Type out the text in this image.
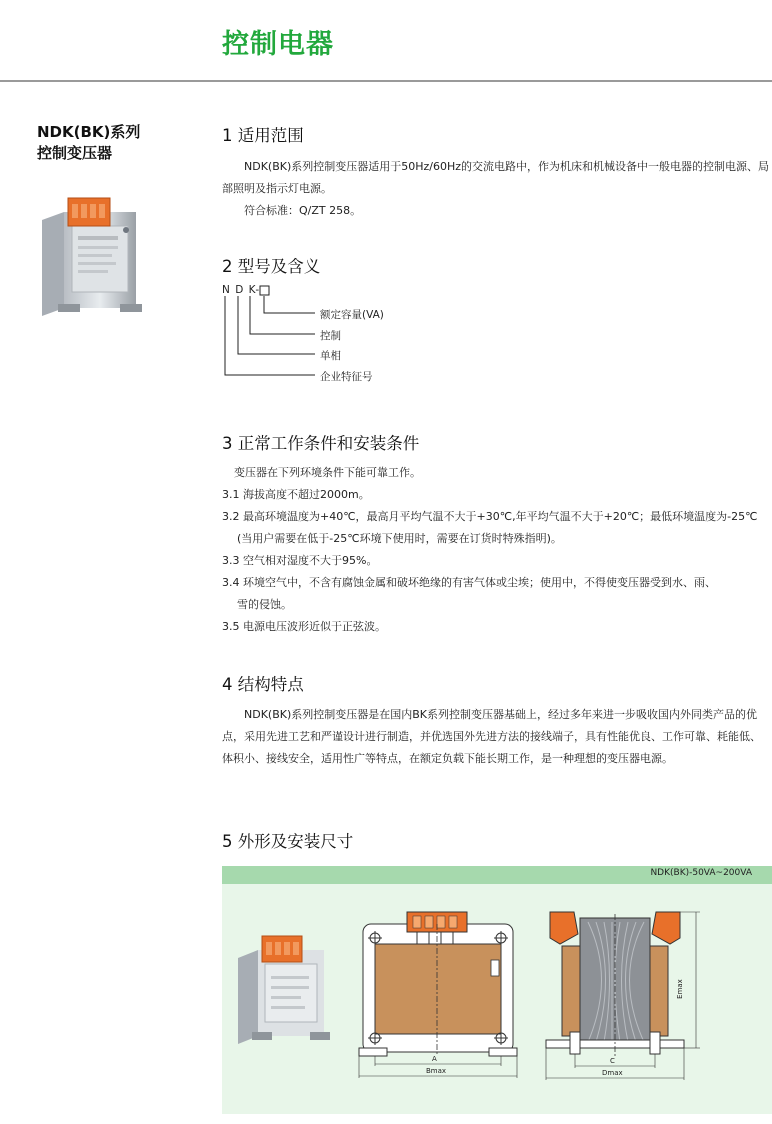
控制电器
NDK(BK)系列
控制变压器
1 适用范围
NDK(BK)系列控制变压器适用于50Hz/60Hz的交流电路中，作为机床和机械设备中一般电器的控制电源、局部照明及指示灯电源。
符合标准：Q/ZT 258。
2 型号及含义
N D K-
额定容量(VA)
控制
单相
企业特征号
3 正常工作条件和安装条件
变压器在下列环境条件下能可靠工作。
3.1 海拔高度不超过2000m。
3.2 最高环境温度为+40℃，最高月平均气温不大于+30℃,年平均气温不大于+20℃；最低环境温度为-25℃
(当用户需要在低于-25℃环境下使用时，需要在订货时特殊指明)。
3.3 空气相对湿度不大于95%。
3.4 环境空气中，不含有腐蚀金属和破坏绝缘的有害气体或尘埃；使用中，不得使变压器受到水、雨、
雪的侵蚀。
3.5 电源电压波形近似于正弦波。
4 结构特点
NDK(BK)系列控制变压器是在国内BK系列控制变压器基础上，经过多年来进一步吸收国内外同类产品的优点，采用先进工艺和严谨设计进行制造，并优选国外先进方法的接线端子，具有性能优良、工作可靠、耗能低、体积小、接线安全，适用性广等特点，在额定负载下能长期工作，是一种理想的变压器电源。
5 外形及安装尺寸
NDK(BK)-50VA~200VA
A
Bmax
C
Dmax
Emax
